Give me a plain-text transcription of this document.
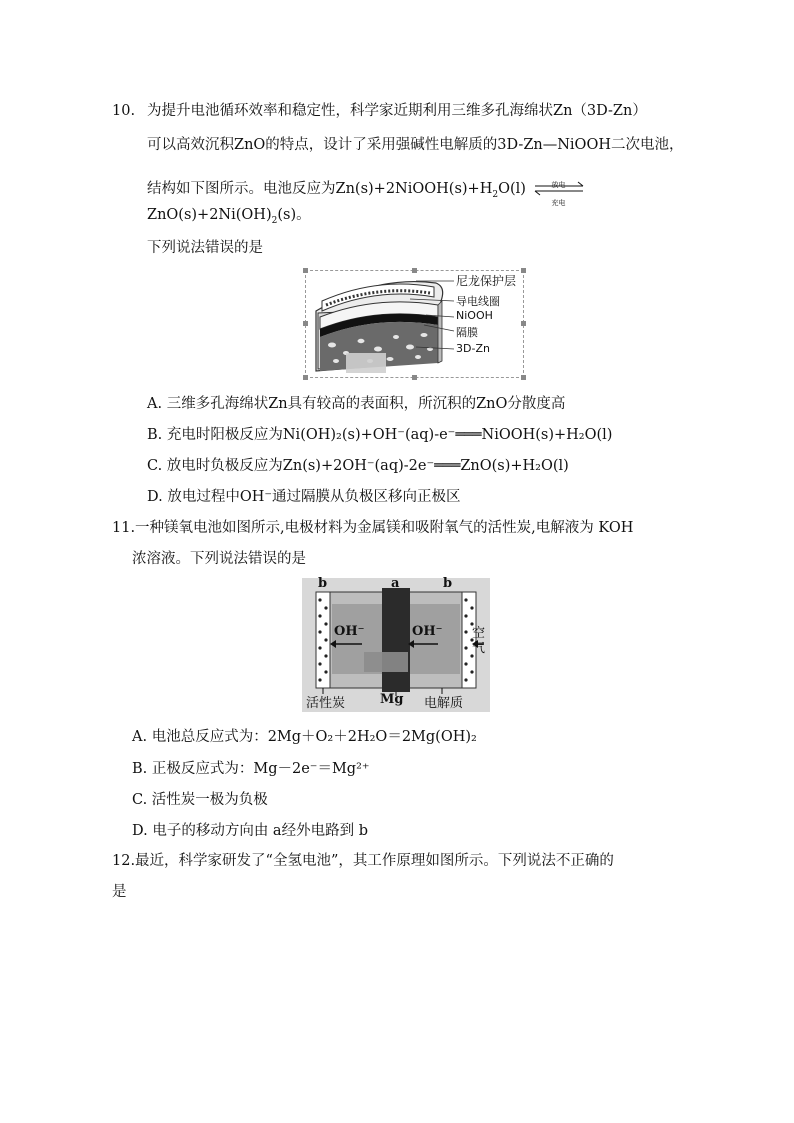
10. 为提升电池循环效率和稳定性，科学家近期利用三维多孔海绵状Zn（3D-Zn）
可以高效沉积ZnO的特点，设计了采用强碱性电解质的3D-Zn—NiOOH二次电池，
结构如下图所示。电池反应为$Zn(s)+2NiOOH(s)+H_2O(l)$	放电
充电
$ZnO(s)+2Ni(OH)_2(s)$。
下列说法错误的是
尼龙保护层
导电线圈
NiOOH
隔膜
3D-Zn
A. 三维多孔海绵状Zn具有较高的表面积，所沉积的ZnO分散度高
B. 充电时阳极反应为Ni(OH)₂(s)+OH⁻(aq)-e⁻═══NiOOH(s)+H₂O(l)
C. 放电时负极反应为Zn(s)+2OH⁻(aq)-2e⁻═══ZnO(s)+H₂O(l)
D. 放电过程中OH⁻通过隔膜从负极区移向正极区
11.一种镁氧电池如图所示,电极材料为金属镁和吸附氧气的活性炭,电解液为 KOH
浓溶液。下列说法错误的是
b	a	b
OH⁻	OH⁻ 空气
活性炭	Mg 电解质
A. 电池总反应式为：2Mg＋O₂＋2H₂O＝2Mg(OH)₂
B. 正极反应式为：Mg－2e⁻＝Mg²⁺
C. 活性炭一极为负极
D. 电子的移动方向由 a经外电路到 b
12.最近，科学家研发了“全氢电池”，其工作原理如图所示。下列说法不正确的
是
